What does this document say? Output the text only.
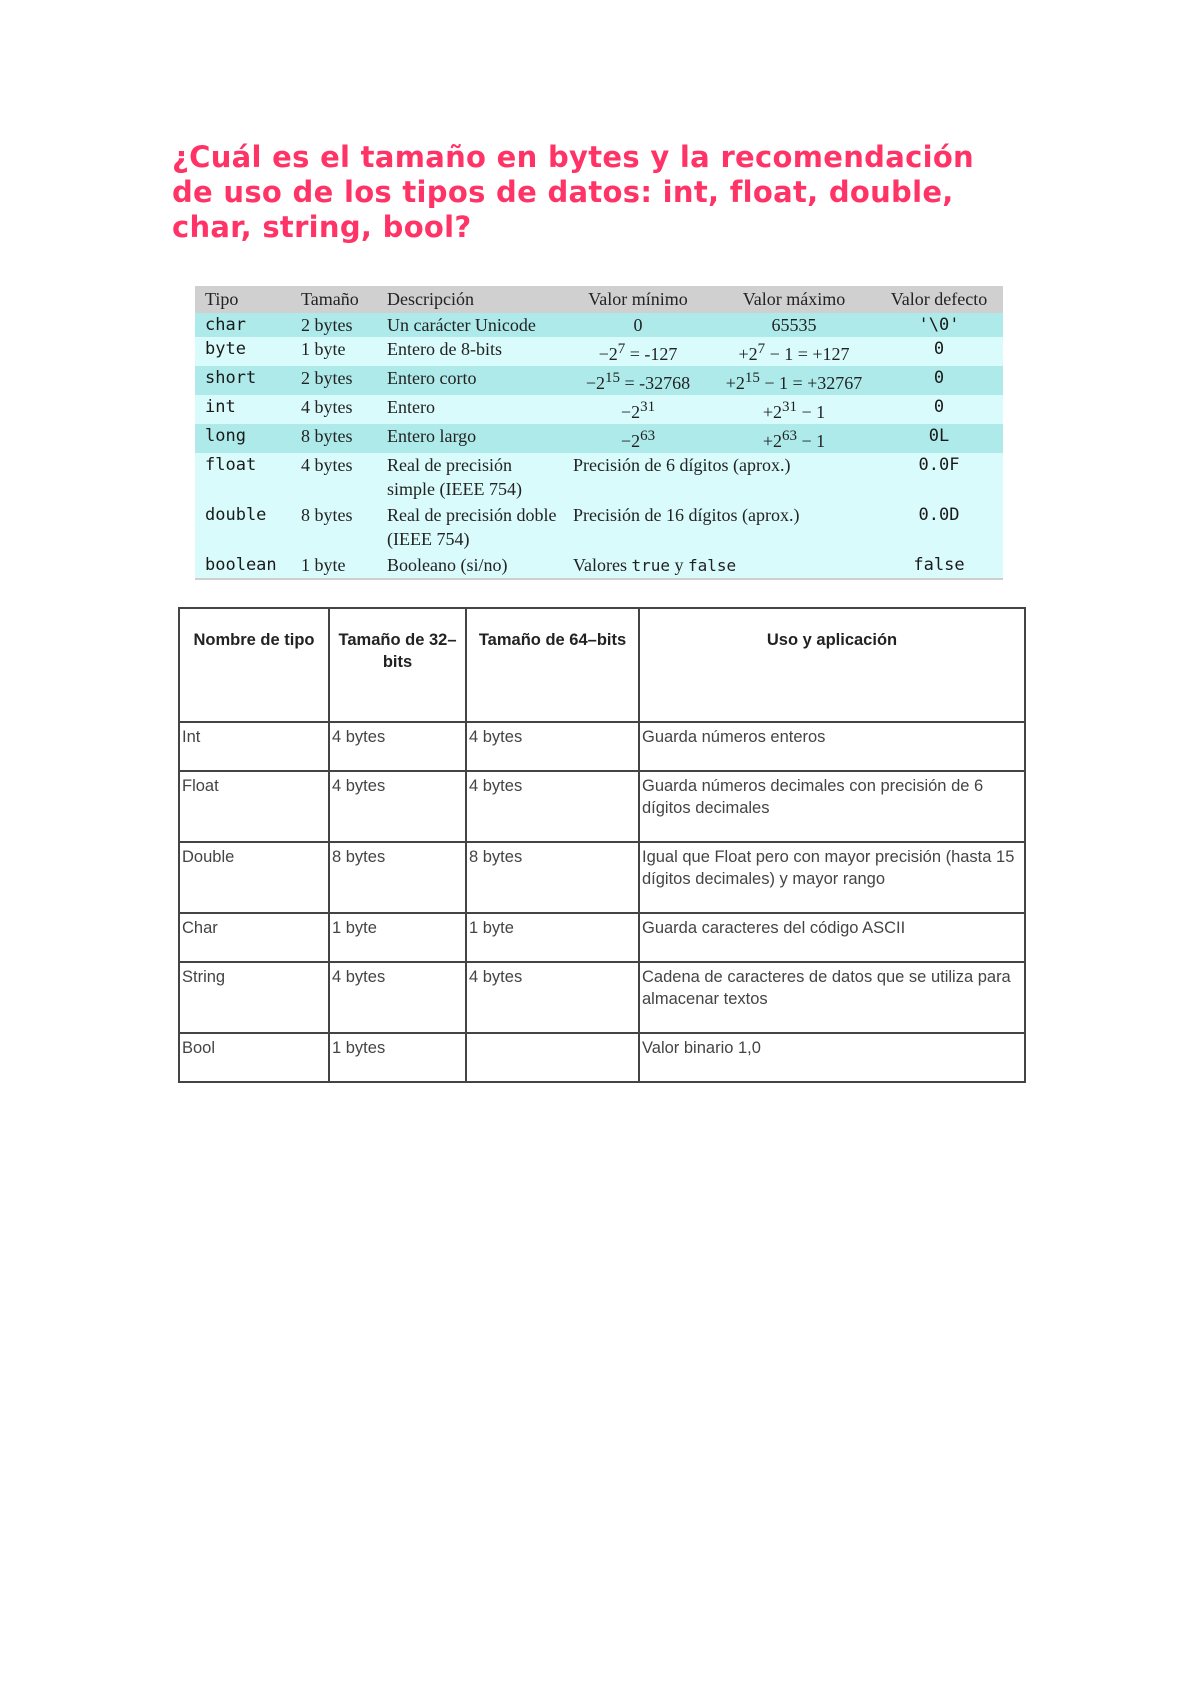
¿Cuál es el tamaño en bytes y la recomendación
de uso de los tipos de datos: int, float, double,
char, string, bool?
Tipo	Tamaño	Descripción	Valor mínimo	Valor máximo	Valor defecto
char	2 bytes	Un carácter Unicode	0	65535	'\0'
byte	1 byte	Entero de 8-bits	$-2^7 = -127$	$+2^7 - 1 = +127$	0
short	2 bytes	Entero corto	$-2^{15} = -32768$	$+2^{15} - 1 = +32767$	0
int	4 bytes	Entero	$-2^{31}$	$+2^{31} - 1$	0
long	8 bytes	Entero largo	$-2^{63}$	$+2^{63} - 1$	0L
float	4 bytes	Real de precisión simple (IEEE 754)	Precisión de 6 dígitos (aprox.)		0.0F
double	8 bytes	Real de precisión doble (IEEE 754)	Precisión de 16 dígitos (aprox.)		0.0D
boolean	1 byte	Booleano (si/no)	Valores true y false		false
Nombre de tipo	Tamaño de 32–bits	Tamaño de 64–bits	Uso y aplicación
Int	4 bytes	4 bytes	Guarda números enteros
Float	4 bytes	4 bytes	Guarda números decimales con precisión de 6 dígitos decimales
Double	8 bytes	8 bytes	Igual que Float pero con mayor precisión (hasta 15 dígitos decimales) y mayor rango
Char	1 byte	1 byte	Guarda caracteres del código ASCII
String	4 bytes	4 bytes	Cadena de caracteres de datos que se utiliza para almacenar textos
Bool	1 bytes		Valor binario 1,0
